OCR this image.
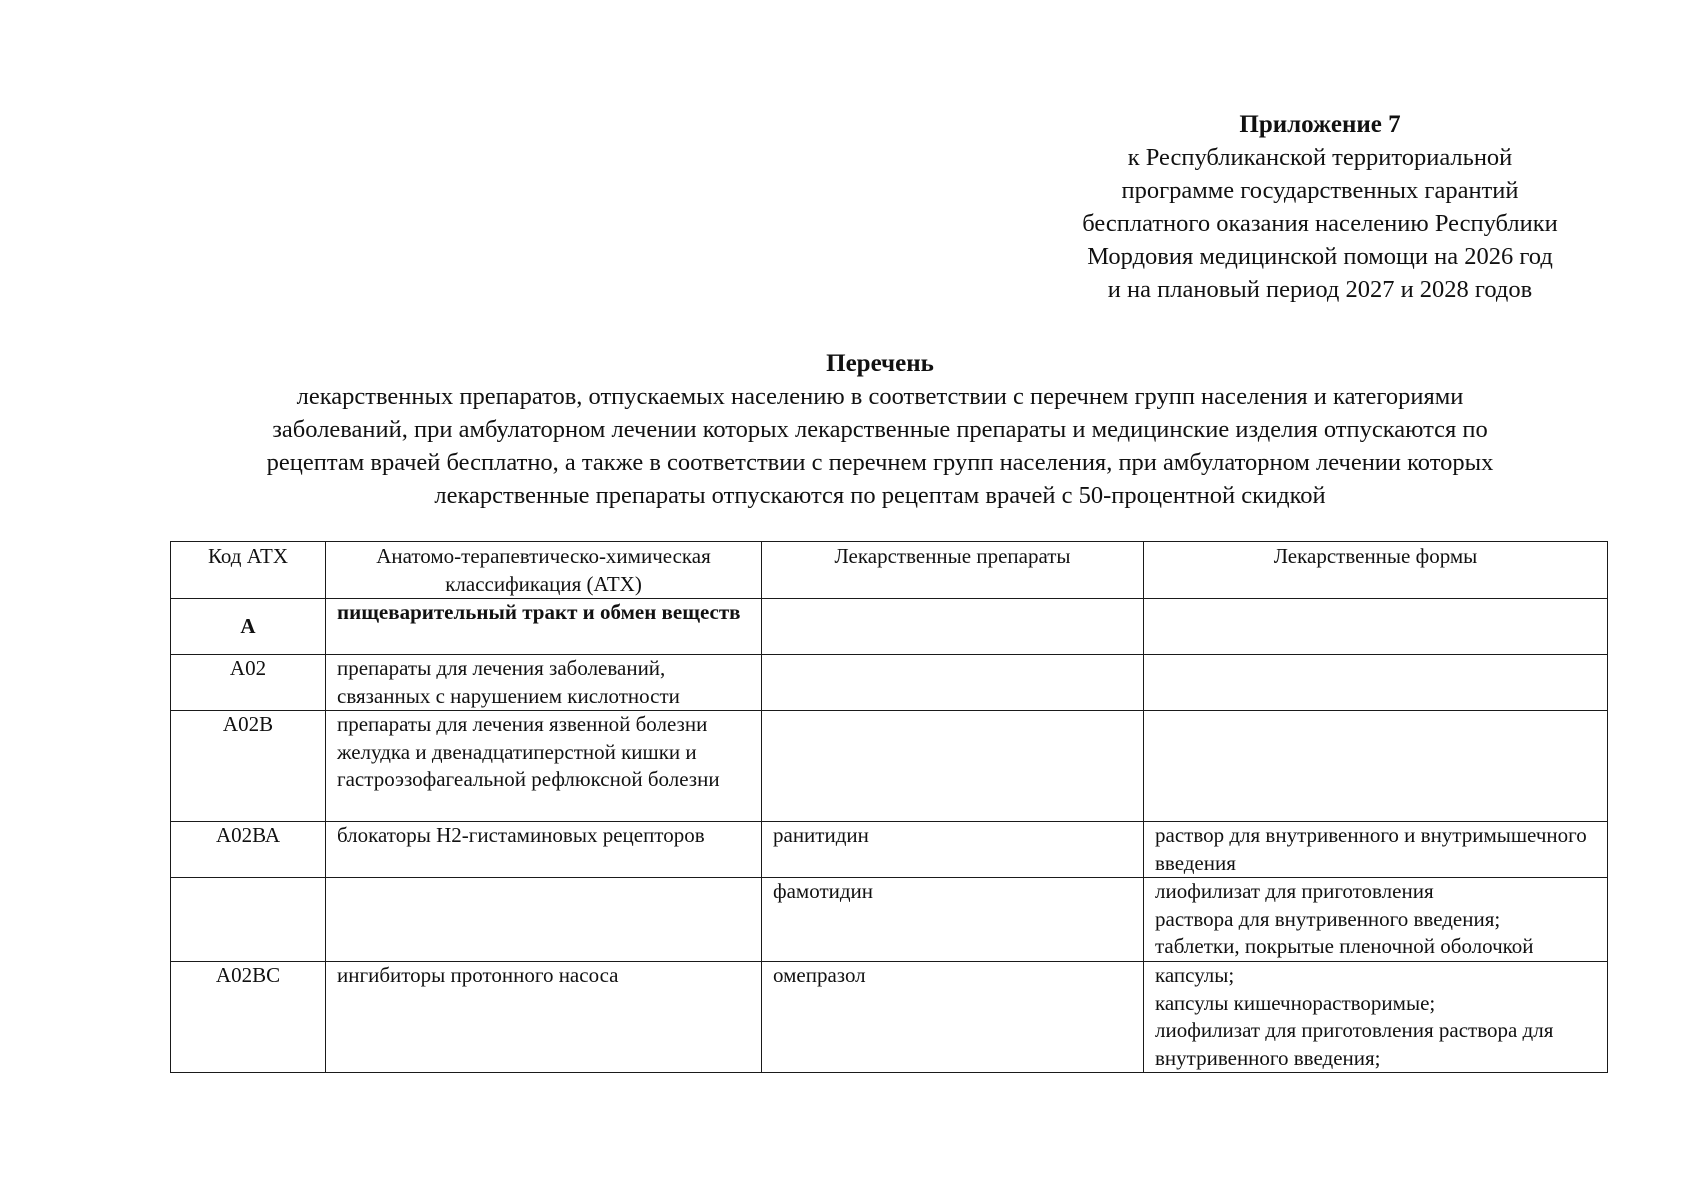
Приложение 7
к Республиканской территориальной
программе государственных гарантий
бесплатного оказания населению Республики
Мордовия медицинской помощи на 2026 год
и на плановый период 2027 и 2028 годов
Перечень
лекарственных препаратов, отпускаемых населению в соответствии с перечнем групп населения и категориями
заболеваний, при амбулаторном лечении которых лекарственные препараты и медицинские изделия отпускаются по
рецептам врачей бесплатно, а также в соответствии с перечнем групп населения, при амбулаторном лечении которых
лекарственные препараты отпускаются по рецептам врачей с 50-процентной скидкой
Код АТХ	Анатомо-терапевтическо-химическая классификация (АТХ)	Лекарственные препараты	Лекарственные формы
А	пищеварительный тракт и обмен веществ		
А02	препараты для лечения заболеваний, связанных с нарушением кислотности		
А02В	препараты для лечения язвенной болезни желудка и двенадцатиперстной кишки и гастроэзофагеальной рефлюксной болезни		
А02ВА	блокаторы Н2-гистаминовых рецепторов	ранитидин	раствор для внутривенного и внутримышечного введения
		фамотидин	лиофилизат для приготовления
раствора для внутривенного введения;
таблетки, покрытые пленочной оболочкой

А02ВС	ингибиторы протонного насоса	омепразол	капсулы;
капсулы кишечнорастворимые;
лиофилизат для приготовления раствора для внутривенного введения;
